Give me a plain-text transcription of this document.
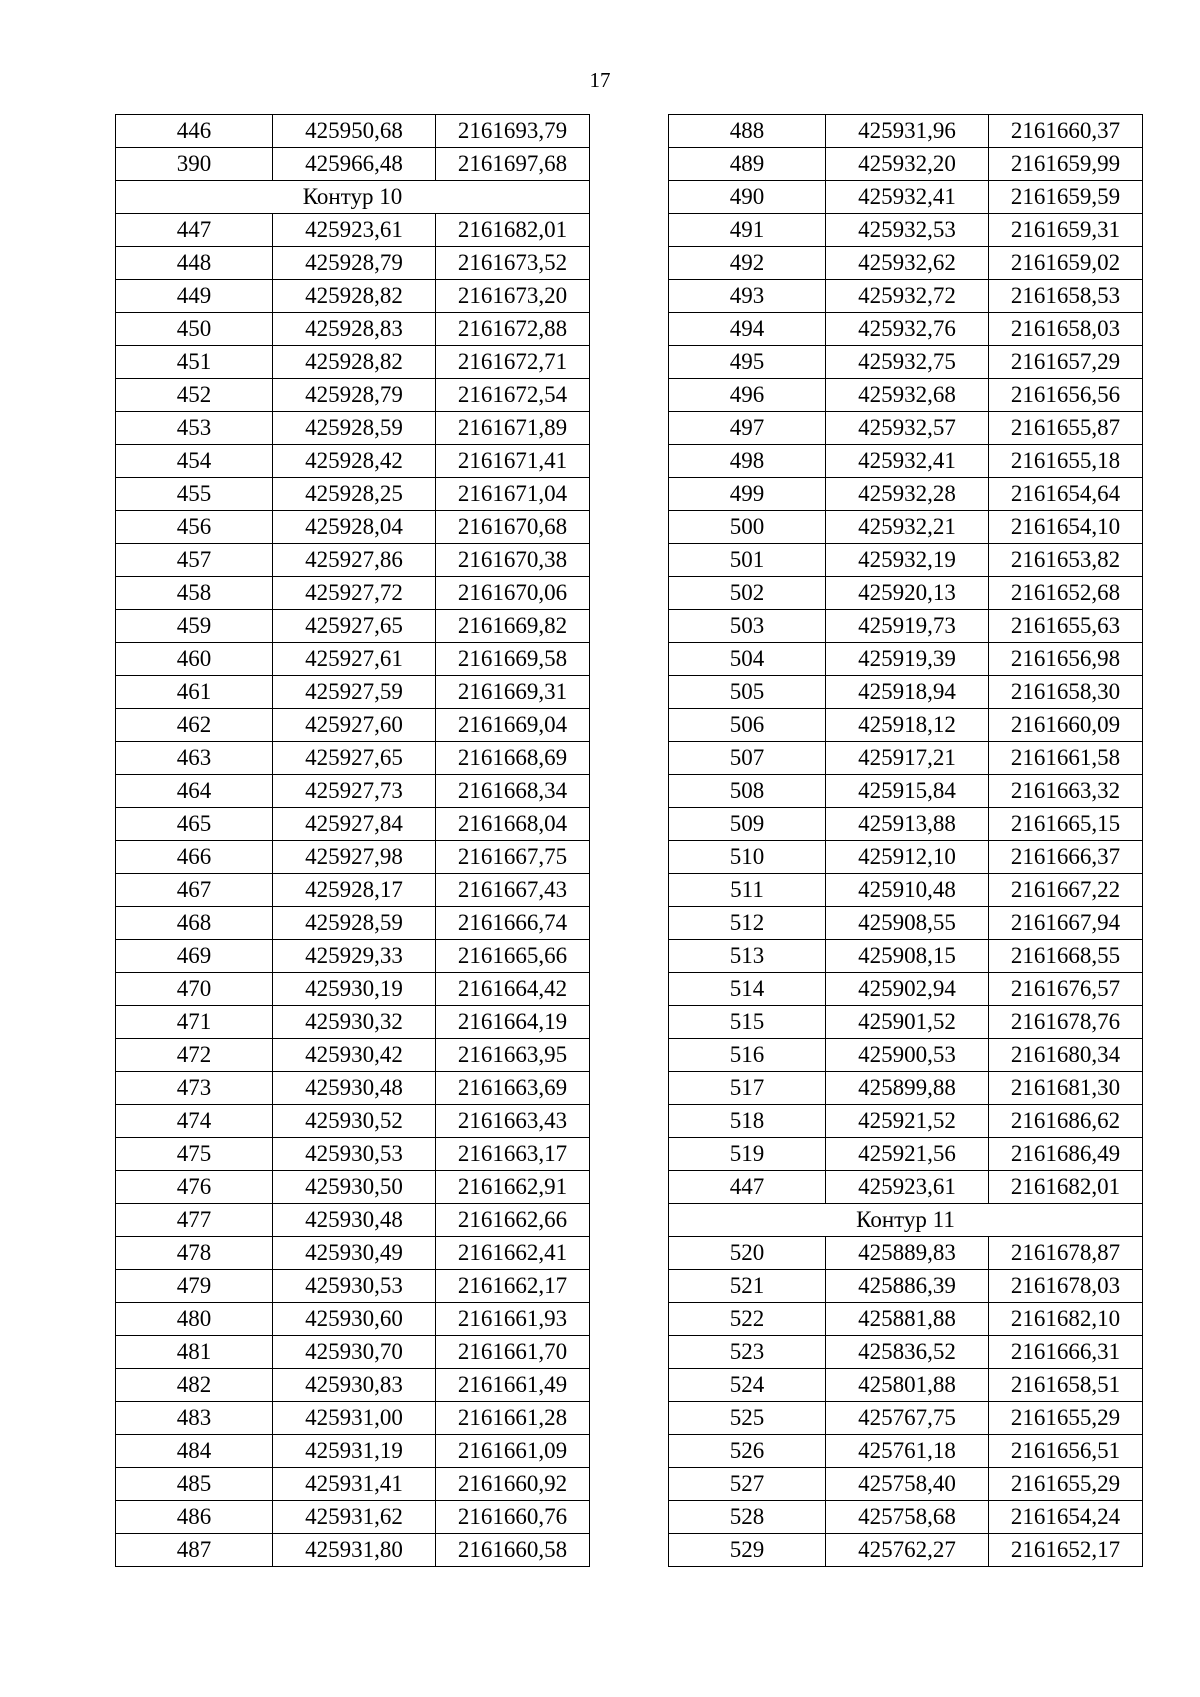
17
446	425950,68	2161693,79
390	425966,48	2161697,68
Контур 10		
447	425923,61	2161682,01
448	425928,79	2161673,52
449	425928,82	2161673,20
450	425928,83	2161672,88
451	425928,82	2161672,71
452	425928,79	2161672,54
453	425928,59	2161671,89
454	425928,42	2161671,41
455	425928,25	2161671,04
456	425928,04	2161670,68
457	425927,86	2161670,38
458	425927,72	2161670,06
459	425927,65	2161669,82
460	425927,61	2161669,58
461	425927,59	2161669,31
462	425927,60	2161669,04
463	425927,65	2161668,69
464	425927,73	2161668,34
465	425927,84	2161668,04
466	425927,98	2161667,75
467	425928,17	2161667,43
468	425928,59	2161666,74
469	425929,33	2161665,66
470	425930,19	2161664,42
471	425930,32	2161664,19
472	425930,42	2161663,95
473	425930,48	2161663,69
474	425930,52	2161663,43
475	425930,53	2161663,17
476	425930,50	2161662,91
477	425930,48	2161662,66
478	425930,49	2161662,41
479	425930,53	2161662,17
480	425930,60	2161661,93
481	425930,70	2161661,70
482	425930,83	2161661,49
483	425931,00	2161661,28
484	425931,19	2161661,09
485	425931,41	2161660,92
486	425931,62	2161660,76
487	425931,80	2161660,58
488	425931,96	2161660,37
489	425932,20	2161659,99
490	425932,41	2161659,59
491	425932,53	2161659,31
492	425932,62	2161659,02
493	425932,72	2161658,53
494	425932,76	2161658,03
495	425932,75	2161657,29
496	425932,68	2161656,56
497	425932,57	2161655,87
498	425932,41	2161655,18
499	425932,28	2161654,64
500	425932,21	2161654,10
501	425932,19	2161653,82
502	425920,13	2161652,68
503	425919,73	2161655,63
504	425919,39	2161656,98
505	425918,94	2161658,30
506	425918,12	2161660,09
507	425917,21	2161661,58
508	425915,84	2161663,32
509	425913,88	2161665,15
510	425912,10	2161666,37
511	425910,48	2161667,22
512	425908,55	2161667,94
513	425908,15	2161668,55
514	425902,94	2161676,57
515	425901,52	2161678,76
516	425900,53	2161680,34
517	425899,88	2161681,30
518	425921,52	2161686,62
519	425921,56	2161686,49
447	425923,61	2161682,01
Контур 11		
520	425889,83	2161678,87
521	425886,39	2161678,03
522	425881,88	2161682,10
523	425836,52	2161666,31
524	425801,88	2161658,51
525	425767,75	2161655,29
526	425761,18	2161656,51
527	425758,40	2161655,29
528	425758,68	2161654,24
529	425762,27	2161652,17
